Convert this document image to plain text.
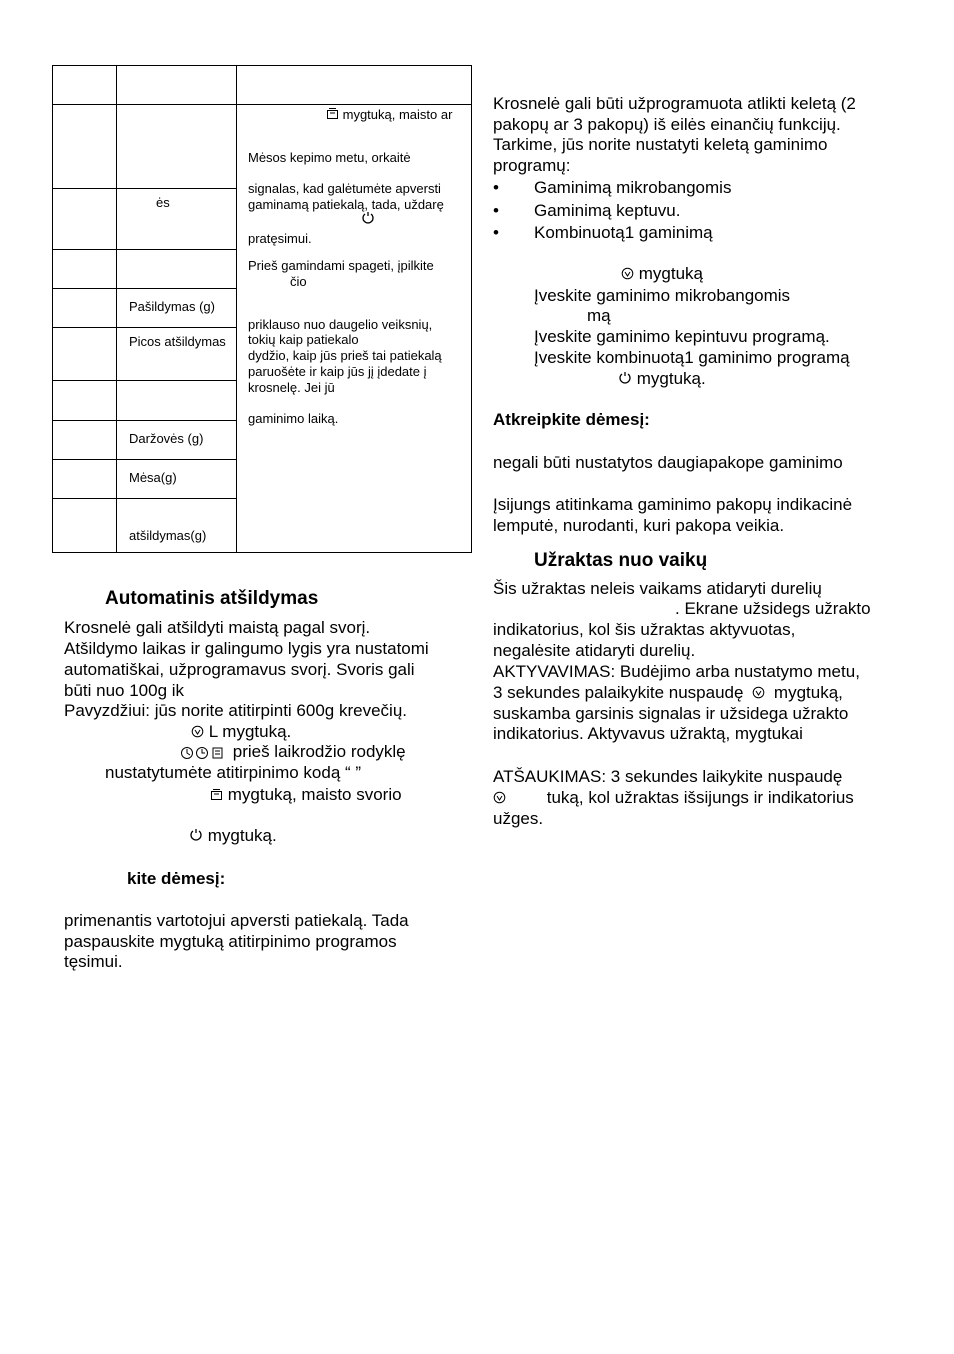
ės
Pašildymas (g)
Picos atšildymas
Daržovės (g)
Mėsa(g)
atšildymas(g)
mygtuką, maisto ar
Mėsos kepimo metu, orkaitė
signalas, kad galėtumėte apversti
gaminamą patiekalą, tada, uždarę
pratęsimui.
Prieš gamindami spageti, įpilkite
čio
priklauso nuo daugelio veiksnių,
tokių kaip patiekalo
dydžio, kaip jūs prieš tai patiekalą
paruošėte ir kaip jūs jį įdedate į
krosnelę. Jei jū
gaminimo laiką.
Automatinis atšildymas
Krosnelė gali atšildyti maistą pagal svorį.
Atšildymo laikas ir galingumo lygis yra nustatomi
automatiškai, užprogramavus svorį. Svoris gali
būti nuo 100g ik
Pavyzdžiui: jūs norite atitirpinti 600g krevečių.
L mygtuką.
prieš laikrodžio rodyklę
nustatytumėte atitirpinimo kodą “ ”
mygtuką, maisto svorio
mygtuką.
kite dėmesį:
primenantis vartotojui apversti patiekalą. Tada
paspauskite mygtuką atitirpinimo programos
tęsimui.
Krosnelė gali būti užprogramuota atlikti keletą (2
pakopų ar 3 pakopų) iš eilės einančių funkcijų.
Tarkime, jūs norite nustatyti keletą gaminimo
programų:
• Gaminimą mikrobangomis
• Gaminimą keptuvu.
• Kombinuotą1 gaminimą
mygtuką
Įveskite gaminimo mikrobangomis
mą
Įveskite gaminimo kepintuvu programą.
Įveskite kombinuotą1 gaminimo programą
mygtuką.
Atkreipkite dėmesį:
negali būti nustatytos daugiapakope gaminimo
Įsijungs atitinkama gaminimo pakopų indikacinė
lemputė, nurodanti, kuri pakopa veikia.
Užraktas nuo vaikų
Šis užraktas neleis vaikams atidaryti durelių
. Ekrane užsidegs užrakto
indikatorius, kol šis užraktas aktyvuotas,
negalėsite atidaryti durelių.
AKTYVAVIMAS: Budėjimo arba nustatymo metu,
3 sekundes palaikykite nuspaudę mygtuką,
suskamba garsinis signalas ir užsidega užrakto
indikatorius. Aktyvavus užraktą, mygtukai
ATŠAUKIMAS: 3 sekundes laikykite nuspaudę
tuką, kol užraktas išsijungs ir indikatorius
užges.
